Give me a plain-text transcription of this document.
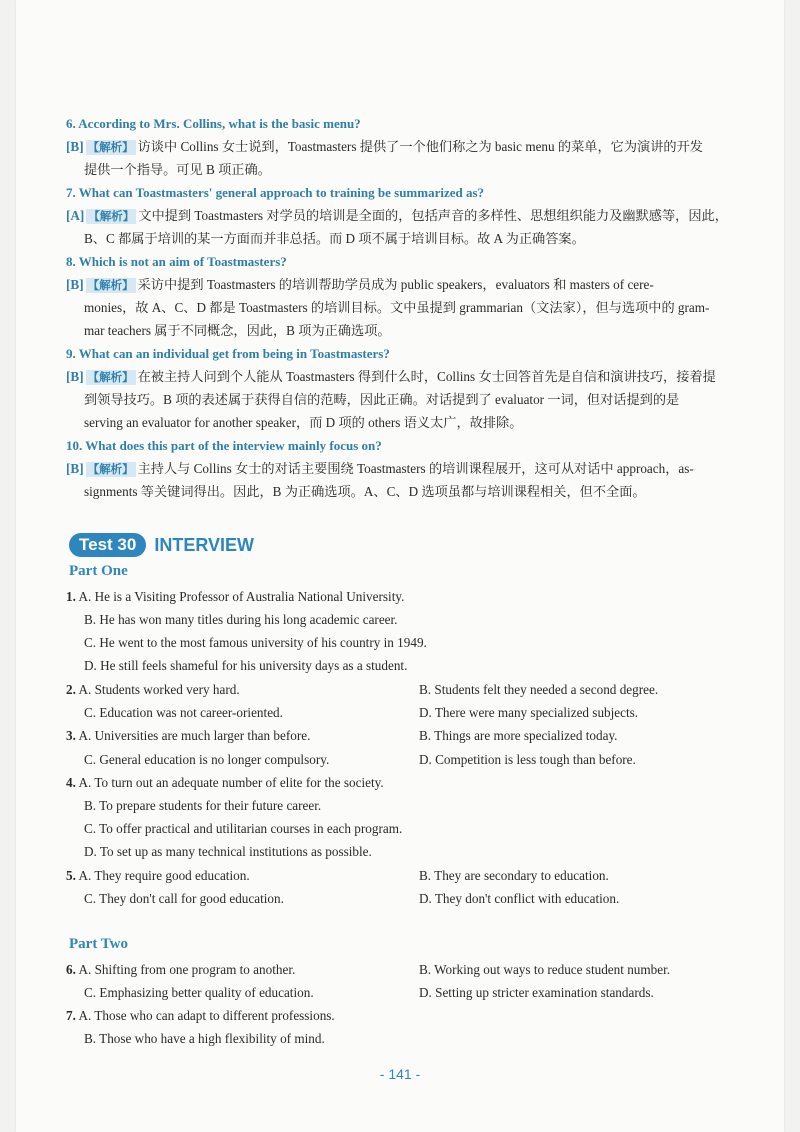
6. According to Mrs. Collins, what is the basic menu?

[B] 【解析】 访谈中 Collins 女士说到，Toastmasters 提供了一个他们称之为 basic menu 的菜单，它为演讲的开发
提供一个指导。可见 B 项正确。

7. What can Toastmasters' general approach to training be summarized as?

[A] 【解析】 文中提到 Toastmasters 对学员的培训是全面的，包括声音的多样性、思想组织能力及幽默感等，因此，
B、C 都属于培训的某一方面而并非总括。而 D 项不属于培训目标。故 A 为正确答案。

8. Which is not an aim of Toastmasters?

[B] 【解析】 采访中提到 Toastmasters 的培训帮助学员成为 public speakers，evaluators 和 masters of cere-
monies，故 A、C、D 都是 Toastmasters 的培训目标。文中虽提到 grammarian（文法家），但与选项中的 gram-
mar teachers 属于不同概念，因此，B 项为正确选项。

9. What can an individual get from being in Toastmasters?

[B] 【解析】 在被主持人问到个人能从 Toastmasters 得到什么时，Collins 女士回答首先是自信和演讲技巧，接着提
到领导技巧。B 项的表述属于获得自信的范畴，因此正确。对话提到了 evaluator 一词，但对话提到的是
serving an evaluator for another speaker，而 D 项的 others 语义太广，故排除。

10. What does this part of the interview mainly focus on?

[B] 【解析】 主持人与 Collins 女士的对话主要围绕 Toastmasters 的培训课程展开，这可从对话中 approach，as-
signments 等关键词得出。因此，B 为正确选项。A、C、D 选项虽都与培训课程相关，但不全面。

Test 30	INTERVIEW
Part One
1. A. He is a Visiting Professor of Australia National University.
B. He has won many titles during his long academic career.
C. He went to the most famous university of his country in 1949.
D. He still feels shameful for his university days as a student.
2. A. Students worked very hard.	B. Students felt they needed a second degree.
C. Education was not career-oriented.	D. There were many specialized subjects.
3. A. Universities are much larger than before.	B. Things are more specialized today.
C. General education is no longer compulsory.	D. Competition is less tough than before.
4. A. To turn out an adequate number of elite for the society.
B. To prepare students for their future career.
C. To offer practical and utilitarian courses in each program.
D. To set up as many technical institutions as possible.
5. A. They require good education.	B. They are secondary to education.
C. They don't call for good education.	D. They don't conflict with education.
Part Two
6. A. Shifting from one program to another.	B. Working out ways to reduce student number.
C. Emphasizing better quality of education.	D. Setting up stricter examination standards.
7. A. Those who can adapt to different professions.
B. Those who have a high flexibility of mind.
- 141 -
